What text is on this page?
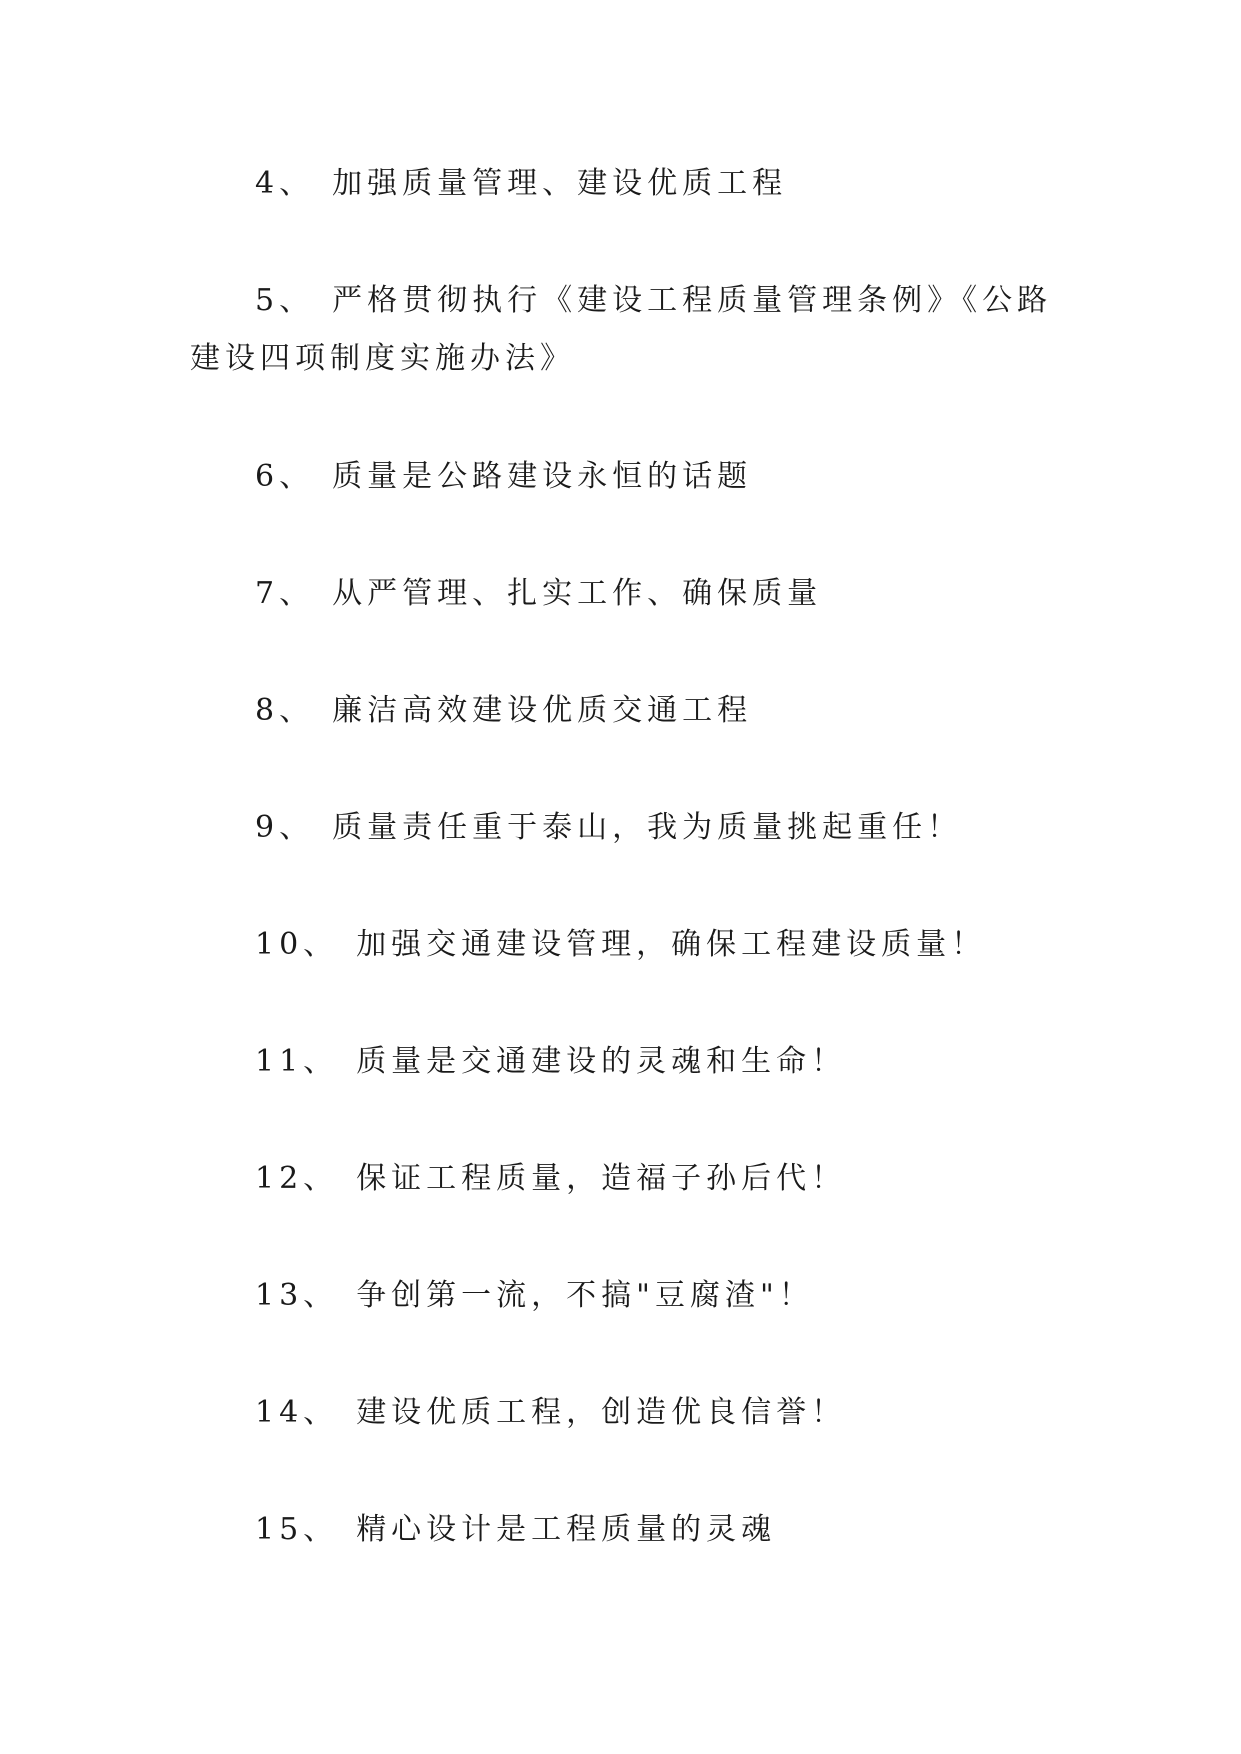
4、 加强质量管理、建设优质工程

5、 严格贯彻执行《建设工程质量管理条例》《公路建设四项制度实施办法》

6、 质量是公路建设永恒的话题

7、 从严管理、扎实工作、确保质量

8、 廉洁高效建设优质交通工程

9、 质量责任重于泰山，我为质量挑起重任！

10、 加强交通建设管理，确保工程建设质量！

11、 质量是交通建设的灵魂和生命！

12、 保证工程质量，造福子孙后代！

13、 争创第一流，不搞"豆腐渣"！

14、 建设优质工程，创造优良信誉！

15、 精心设计是工程质量的灵魂
